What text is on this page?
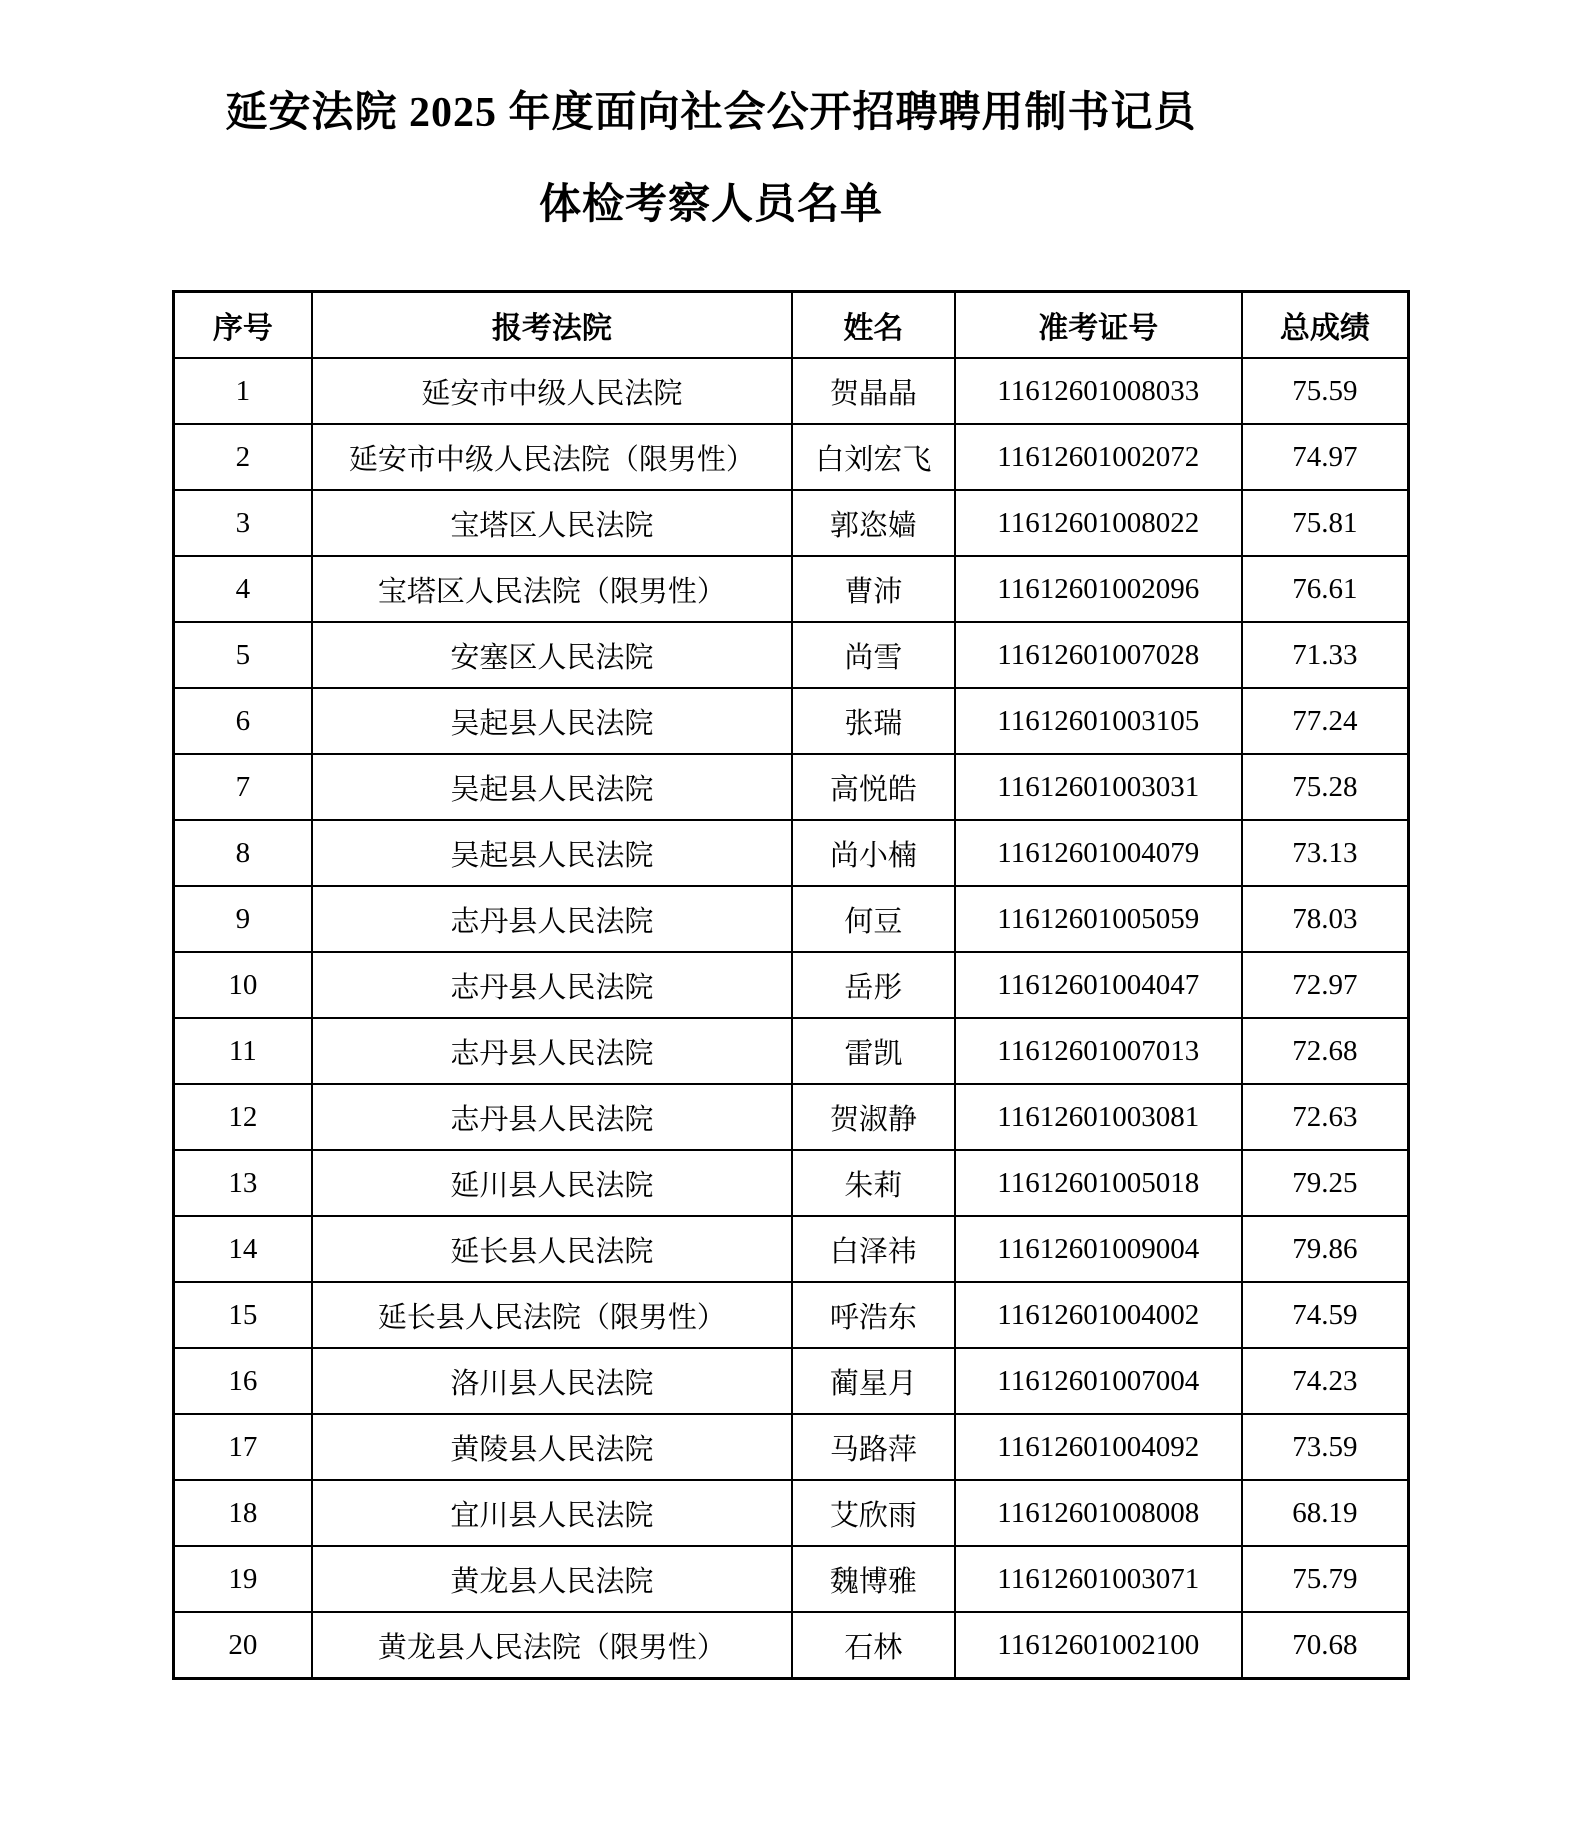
延安法院 2025 年度面向社会公开招聘聘用制书记员
体检考察人员名单
序号	报考法院	姓名	准考证号	总成绩
1	延安市中级人民法院	贺晶晶	11612601008033	75.59
2	延安市中级人民法院（限男性）	白刘宏飞	11612601002072	74.97
3	宝塔区人民法院	郭恣嫱	11612601008022	75.81
4	宝塔区人民法院（限男性）	曹沛	11612601002096	76.61
5	安塞区人民法院	尚雪	11612601007028	71.33
6	吴起县人民法院	张瑞	11612601003105	77.24
7	吴起县人民法院	高悦皓	11612601003031	75.28
8	吴起县人民法院	尚小楠	11612601004079	73.13
9	志丹县人民法院	何豆	11612601005059	78.03
10	志丹县人民法院	岳彤	11612601004047	72.97
11	志丹县人民法院	雷凯	11612601007013	72.68
12	志丹县人民法院	贺淑静	11612601003081	72.63
13	延川县人民法院	朱莉	11612601005018	79.25
14	延长县人民法院	白泽祎	11612601009004	79.86
15	延长县人民法院（限男性）	呼浩东	11612601004002	74.59
16	洛川县人民法院	蔺星月	11612601007004	74.23
17	黄陵县人民法院	马路萍	11612601004092	73.59
18	宜川县人民法院	艾欣雨	11612601008008	68.19
19	黄龙县人民法院	魏博雅	11612601003071	75.79
20	黄龙县人民法院（限男性）	石林	11612601002100	70.68
